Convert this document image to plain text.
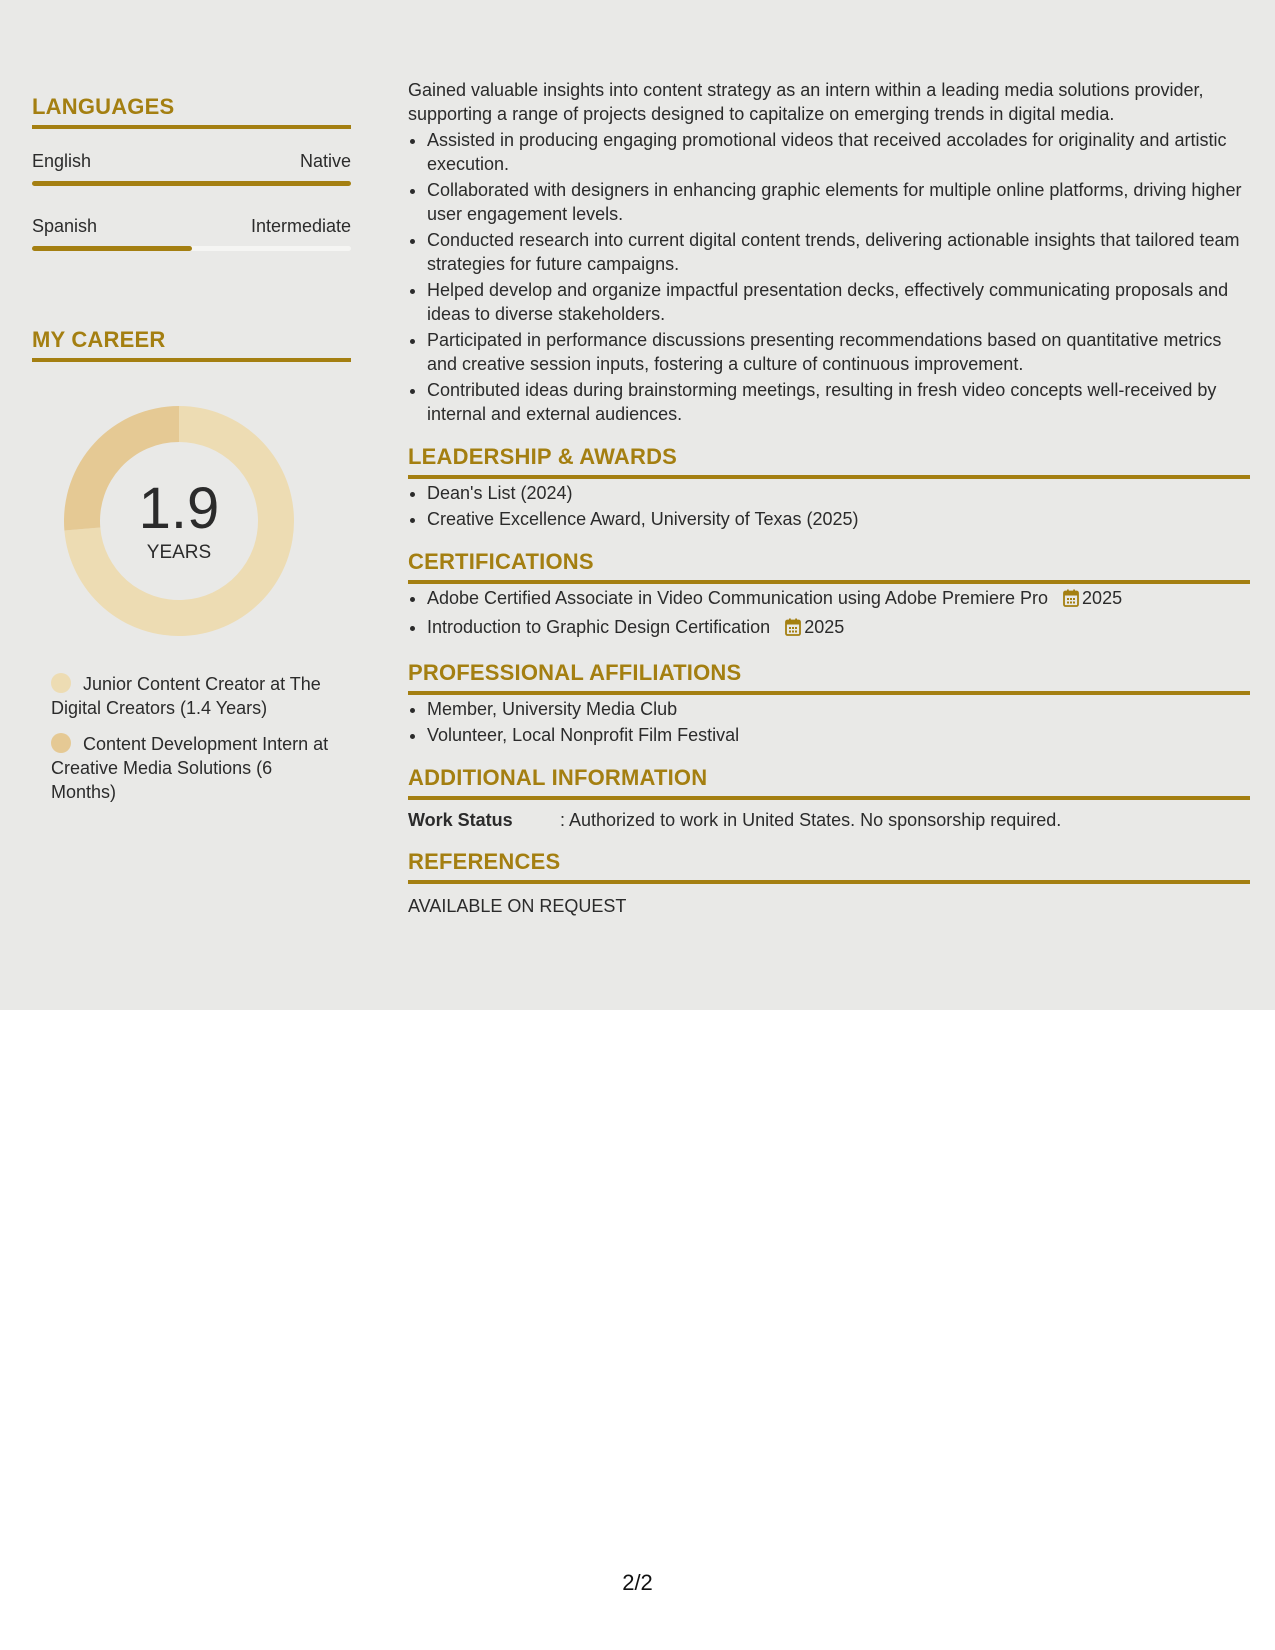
LANGUAGES
English	Native
Spanish	Intermediate
MY CAREER
1.9
YEARS
Junior Content Creator at The Digital Creators (1.4 Years)
Content Development Intern at Creative Media Solutions (6 Months)

Gained valuable insights into content strategy as an intern within a leading media solutions provider, supporting a range of projects designed to capitalize on emerging trends in digital media.

• Assisted in producing engaging promotional videos that received accolades for originality and artistic execution.
• Collaborated with designers in enhancing graphic elements for multiple online platforms, driving higher user engagement levels.
• Conducted research into current digital content trends, delivering actionable insights that tailored team strategies for future campaigns.
• Helped develop and organize impactful presentation decks, effectively communicating proposals and ideas to diverse stakeholders.
• Participated in performance discussions presenting recommendations based on quantitative metrics and creative session inputs, fostering a culture of continuous improvement.
• Contributed ideas during brainstorming meetings, resulting in fresh video concepts well-received by internal and external audiences.
LEADERSHIP & AWARDS
• Dean's List (2024)
• Creative Excellence Award, University of Texas (2025)
CERTIFICATIONS
• Adobe Certified Associate in Video Communication using Adobe Premiere Pro 2025
• Introduction to Graphic Design Certification 2025
PROFESSIONAL AFFILIATIONS
• Member, University Media Club
• Volunteer, Local Nonprofit Film Festival
ADDITIONAL INFORMATION
Work Status	: Authorized to work in United States. No sponsorship required.
REFERENCES
AVAILABLE ON REQUEST
2/2
